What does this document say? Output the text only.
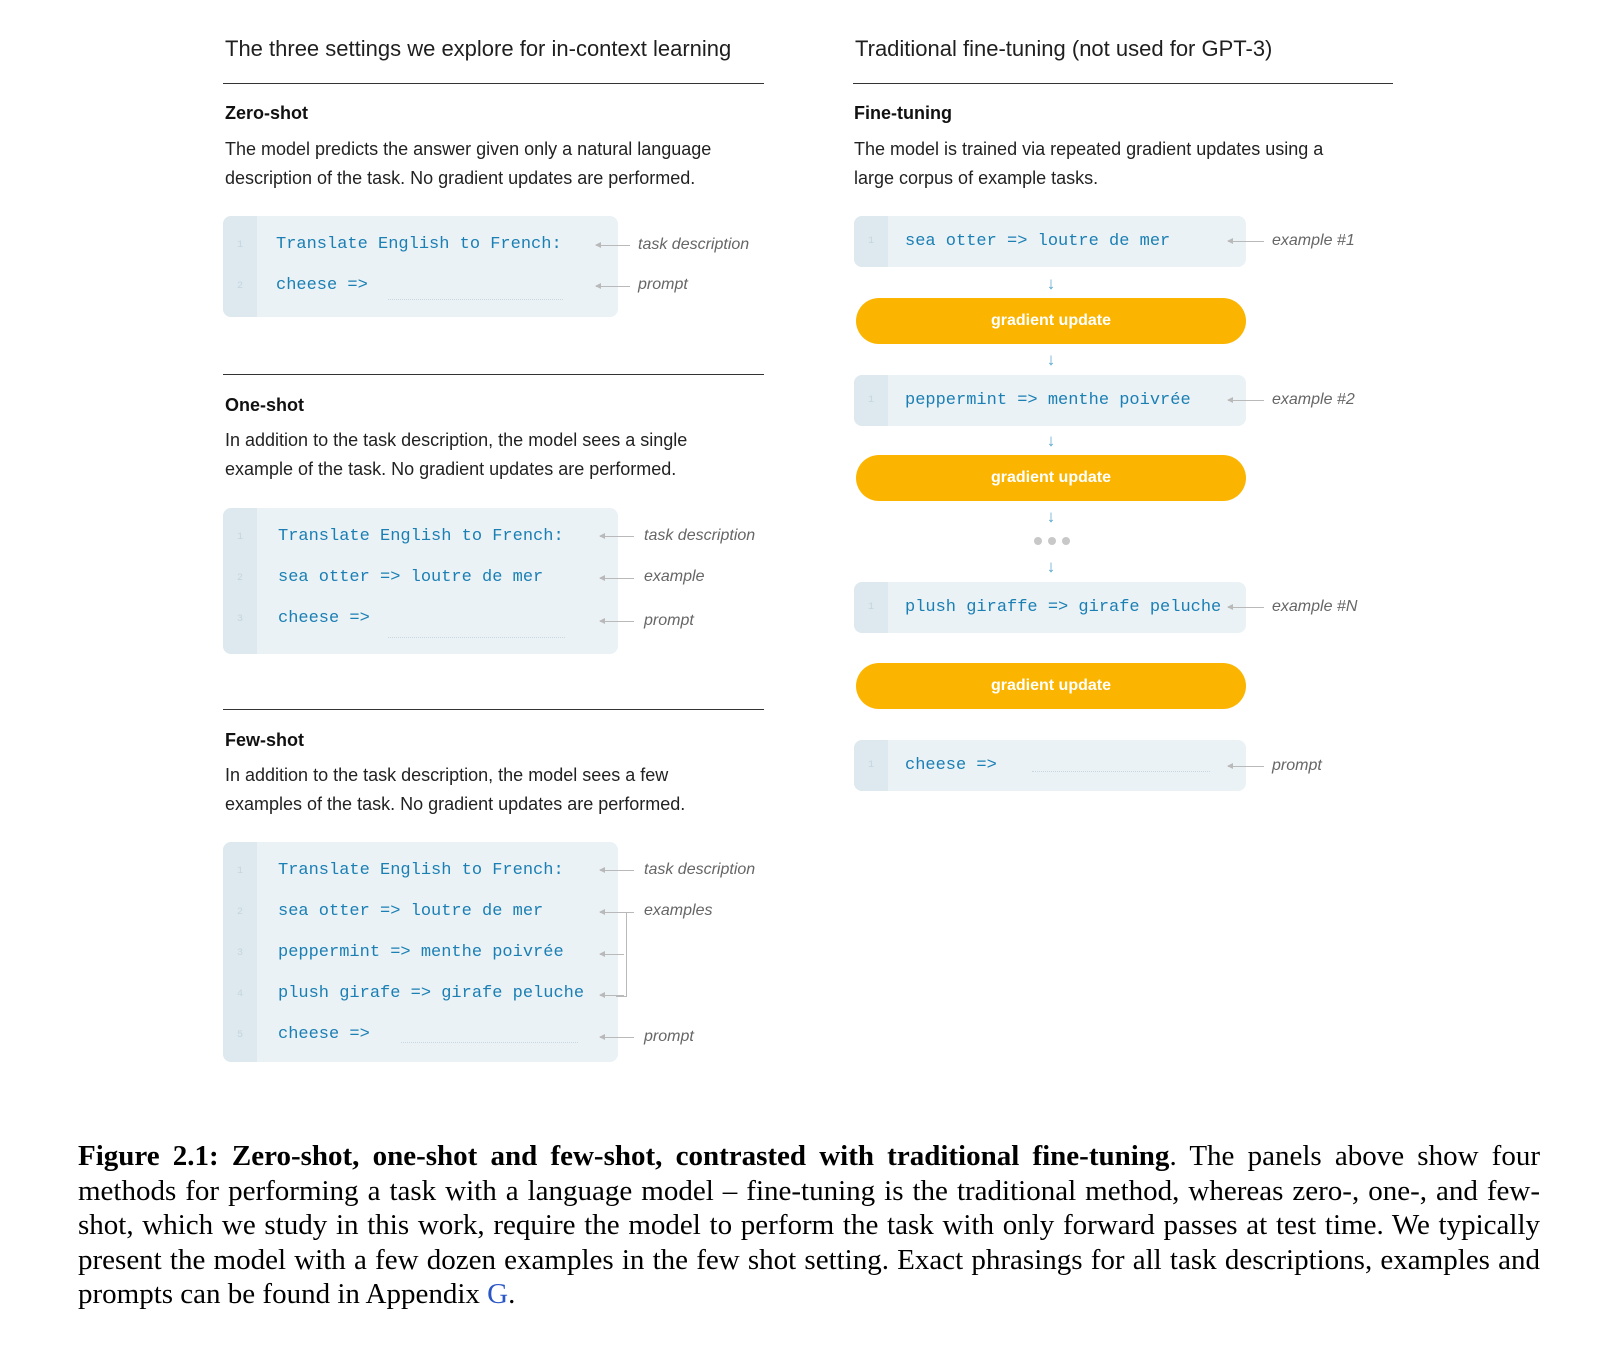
The three settings we explore for in-context learning
Zero-shot
The model predicts the answer given only a natural language
description of the task. No gradient updates are performed.
1	Translate English to French:
2	cheese =>
task description
prompt
One-shot
In addition to the task description, the model sees a single
example of the task. No gradient updates are performed.
1	Translate English to French:
2	sea otter => loutre de mer
3	cheese =>
task description
example
prompt
Few-shot
In addition to the task description, the model sees a few
examples of the task. No gradient updates are performed.
1	Translate English to French:
2	sea otter => loutre de mer
3	peppermint => menthe poivrée
4	plush girafe => girafe peluche
5	cheese =>
task description
examples
prompt
Traditional fine-tuning (not used for GPT-3)
Fine-tuning
The model is trained via repeated gradient updates using a
large corpus of example tasks.
1	sea otter => loutre de mer	example #1
↓
gradient update
↓
1	peppermint => menthe poivrée	example #2
↓
gradient update
↓
↓
1	plush giraffe => girafe peluche	example #N
gradient update
1	cheese =>	prompt
Figure 2.1: Zero-shot, one-shot and few-shot, contrasted with traditional fine-tuning. The panels above show four methods for performing a task with a language model – fine-tuning is the traditional method, whereas zero-, one-, and few-shot, which we study in this work, require the model to perform the task with only forward passes at test time. We typically present the model with a few dozen examples in the few shot setting. Exact phrasings for all task descriptions, examples and prompts can be found in Appendix G.
